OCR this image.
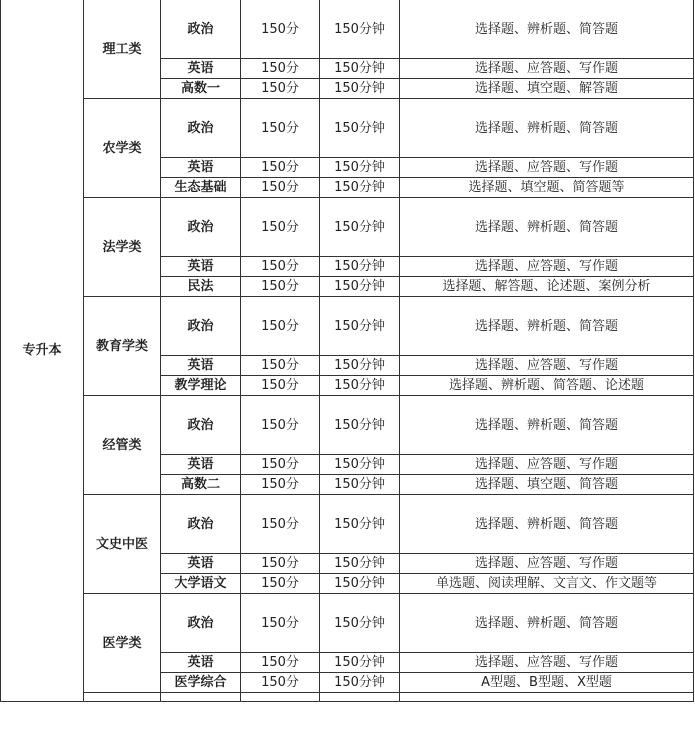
专升本	理工类	政治	150分	150分钟	选择题、辨析题、简答题
		英语	150分	150分钟	选择题、应答题、写作题
		高数一	150分	150分钟	选择题、填空题、解答题
	农学类	政治	150分	150分钟	选择题、辨析题、简答题
		英语	150分	150分钟	选择题、应答题、写作题
		生态基础	150分	150分钟	选择题、填空题、简答题等
	法学类	政治	150分	150分钟	选择题、辨析题、简答题
		英语	150分	150分钟	选择题、应答题、写作题
		民法	150分	150分钟	选择题、解答题、论述题、案例分析
	教育学类	政治	150分	150分钟	选择题、辨析题、简答题
		英语	150分	150分钟	选择题、应答题、写作题
		教学理论	150分	150分钟	选择题、辨析题、简答题、论述题
	经管类	政治	150分	150分钟	选择题、辨析题、简答题
		英语	150分	150分钟	选择题、应答题、写作题
		高数二	150分	150分钟	选择题、填空题、简答题
	文史中医	政治	150分	150分钟	选择题、辨析题、简答题
		英语	150分	150分钟	选择题、应答题、写作题
		大学语文	150分	150分钟	单选题、阅读理解、文言文、作文题等
	医学类	政治	150分	150分钟	选择题、辨析题、简答题
		英语	150分	150分钟	选择题、应答题、写作题
		医学综合	150分	150分钟	A型题、B型题、X型题
